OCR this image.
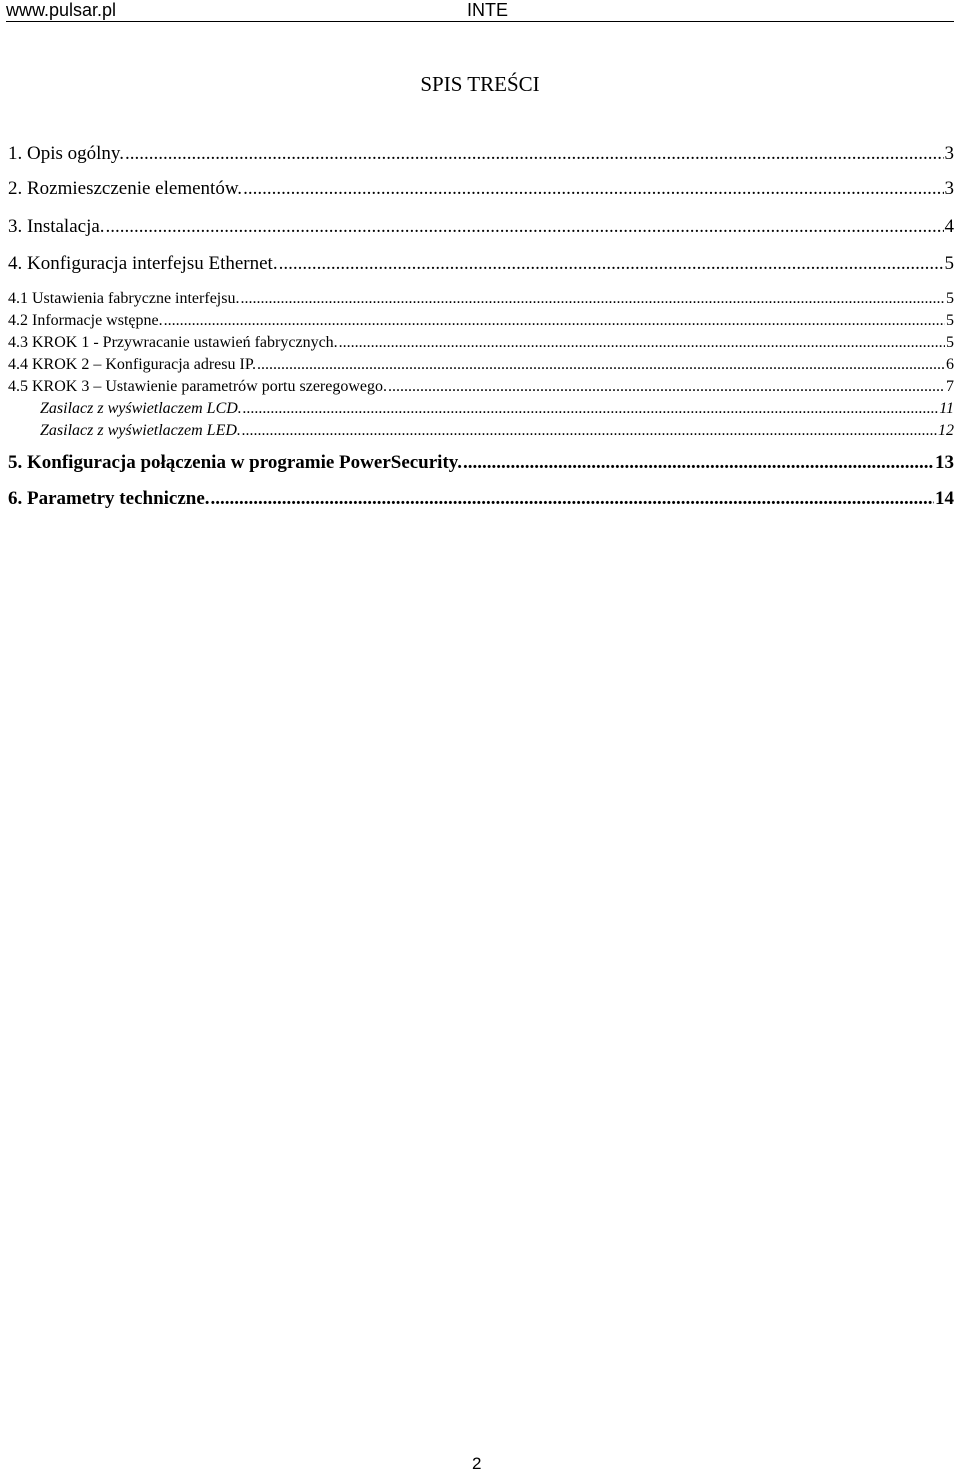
www.pulsar.pl	INTE
SPIS TREŚCI
1. Opis ogólny. .....	3
2. Rozmieszczenie elementów. .....	3
3. Instalacja. .....	4
4. Konfiguracja interfejsu Ethernet. .....	5
4.1 Ustawienia fabryczne interfejsu. .....	5
4.2 Informacje wstępne. .....	5
4.3 KROK 1 - Przywracanie ustawień fabrycznych. .....	5
4.4 KROK 2 – Konfiguracja adresu IP. .....	6
4.5 KROK 3 – Ustawienie parametrów portu szeregowego. .....	7
Zasilacz z wyświetlaczem LCD. .....	11
Zasilacz z wyświetlaczem LED. .....	12
5. Konfiguracja połączenia w programie PowerSecurity. .....	13
6. Parametry techniczne. .....	14
2
